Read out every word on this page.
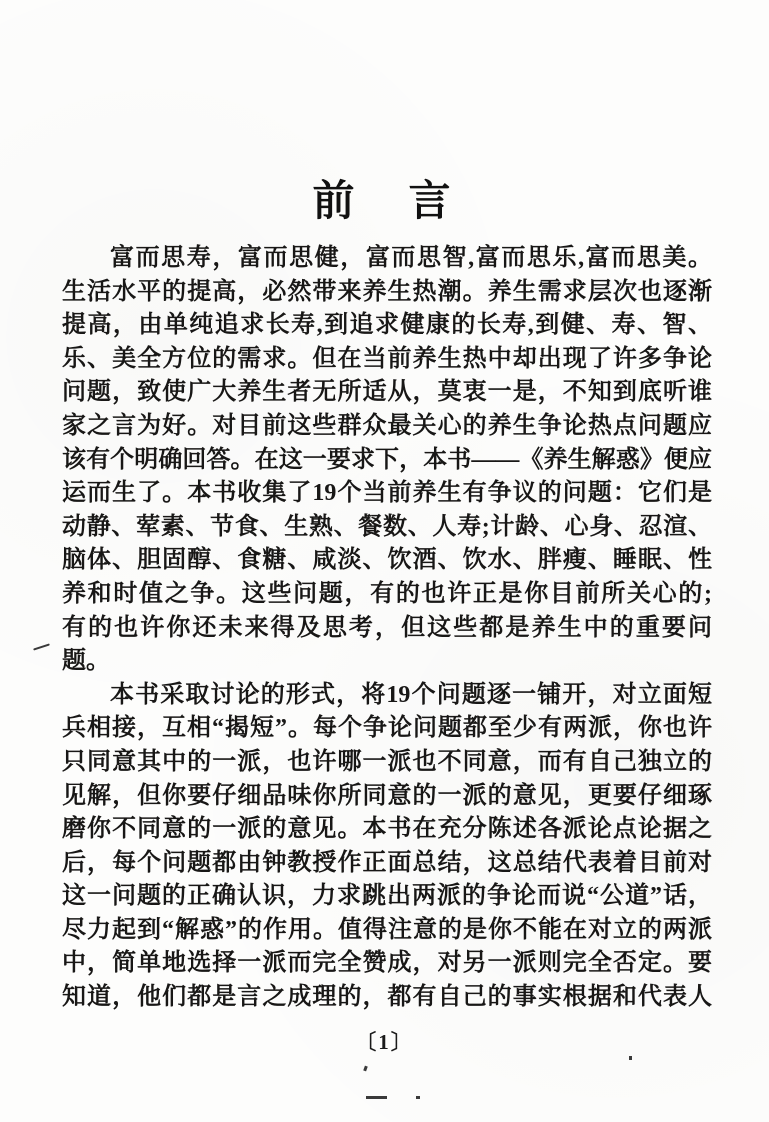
前　言
富而思寿，富而思健，富而思智,富而思乐,富而思美。
生活水平的提高，必然带来养生热潮。养生需求层次也逐渐
提高，由单纯追求长寿,到追求健康的长寿,到健、寿、智、
乐、美全方位的需求。但在当前养生热中却出现了许多争论
问题，致使广大养生者无所适从，莫衷一是，不知到底听谁
家之言为好。对目前这些群众最关心的养生争论热点问题应
该有个明确回答。在这一要求下，本书——《养生解惑》便应
运而生了。本书收集了19个当前养生有争议的问题：它们是
动静、荤素、节食、生熟、餐数、人寿;计龄、心身、忍渲、
脑体、胆固醇、食糖、咸淡、饮酒、饮水、胖瘦、睡眠、性
养和时值之争。这些问题，有的也许正是你目前所关心的;
有的也许你还未来得及思考，但这些都是养生中的重要问
题。
本书采取讨论的形式，将19个问题逐一铺开，对立面短
兵相接，互相“揭短”。每个争论问题都至少有两派，你也许
只同意其中的一派，也许哪一派也不同意，而有自己独立的
见解，但你要仔细品味你所同意的一派的意见，更要仔细琢
磨你不同意的一派的意见。本书在充分陈述各派论点论据之
后，每个问题都由钟教授作正面总结，这总结代表着目前对
这一问题的正确认识，力求跳出两派的争论而说“公道”话，
尽力起到“解惑”的作用。值得注意的是你不能在对立的两派
中，简单地选择一派而完全赞成，对另一派则完全否定。要
知道，他们都是言之成理的，都有自己的事实根据和代表人
〔1〕
